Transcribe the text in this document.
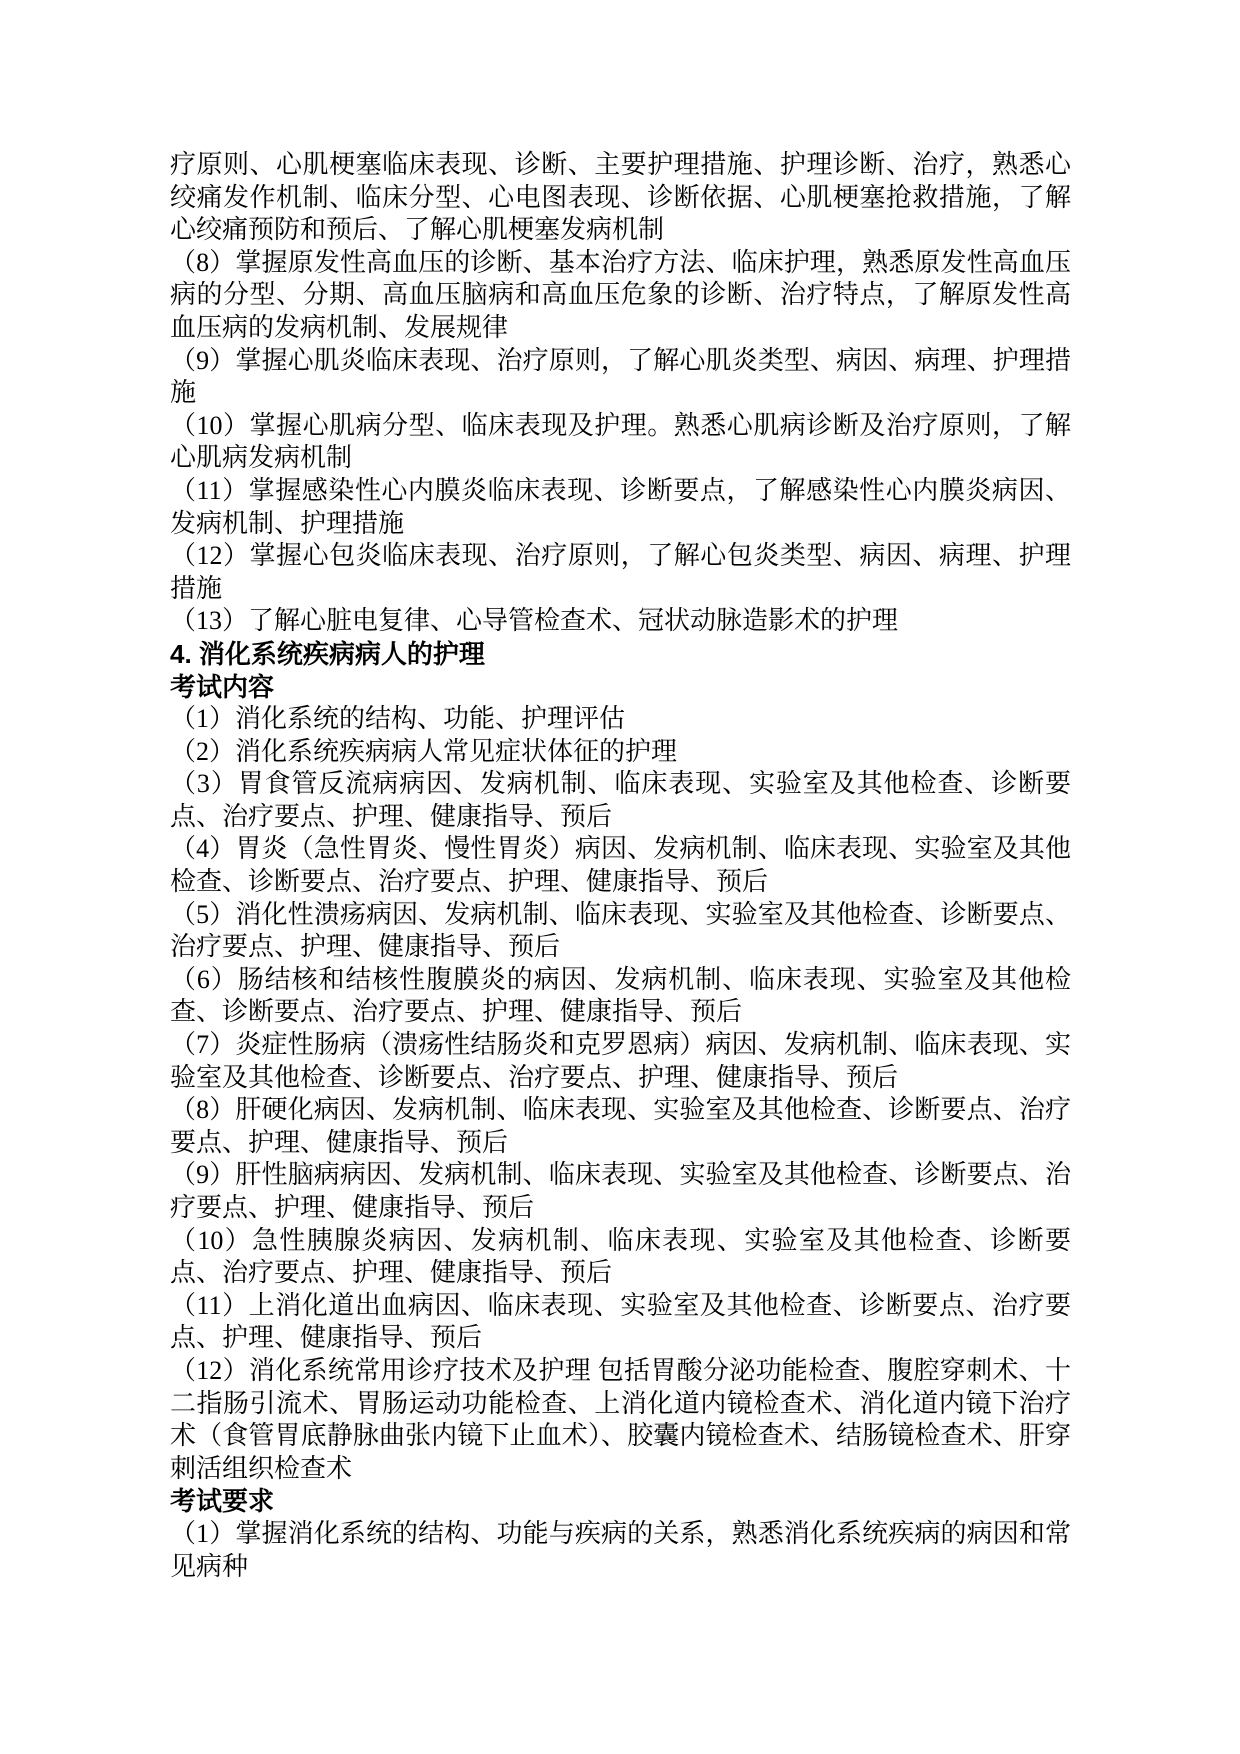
疗原则、心肌梗塞临床表现、诊断、主要护理措施、护理诊断、治疗，熟悉心绞痛发作机制、临床分型、心电图表现、诊断依据、心肌梗塞抢救措施，了解心绞痛预防和预后、了解心肌梗塞发病机制

（8）掌握原发性高血压的诊断、基本治疗方法、临床护理，熟悉原发性高血压病的分型、分期、高血压脑病和高血压危象的诊断、治疗特点，了解原发性高血压病的发病机制、发展规律

（9）掌握心肌炎临床表现、治疗原则，了解心肌炎类型、病因、病理、护理措施

（10）掌握心肌病分型、临床表现及护理。熟悉心肌病诊断及治疗原则，了解心肌病发病机制

（11）掌握感染性心内膜炎临床表现、诊断要点，了解感染性心内膜炎病因、发病机制、护理措施

（12）掌握心包炎临床表现、治疗原则，了解心包炎类型、病因、病理、护理措施

（13）了解心脏电复律、心导管检查术、冠状动脉造影术的护理

4. 消化系统疾病病人的护理

考试内容

（1）消化系统的结构、功能、护理评估

（2）消化系统疾病病人常见症状体征的护理

（3）胃食管反流病病因、发病机制、临床表现、实验室及其他检查、诊断要点、治疗要点、护理、健康指导、预后

（4）胃炎（急性胃炎、慢性胃炎）病因、发病机制、临床表现、实验室及其他检查、诊断要点、治疗要点、护理、健康指导、预后

（5）消化性溃疡病因、发病机制、临床表现、实验室及其他检查、诊断要点、治疗要点、护理、健康指导、预后

（6）肠结核和结核性腹膜炎的病因、发病机制、临床表现、实验室及其他检查、诊断要点、治疗要点、护理、健康指导、预后

（7）炎症性肠病（溃疡性结肠炎和克罗恩病）病因、发病机制、临床表现、实验室及其他检查、诊断要点、治疗要点、护理、健康指导、预后

（8）肝硬化病因、发病机制、临床表现、实验室及其他检查、诊断要点、治疗要点、护理、健康指导、预后

（9）肝性脑病病因、发病机制、临床表现、实验室及其他检查、诊断要点、治疗要点、护理、健康指导、预后

（10）急性胰腺炎病因、发病机制、临床表现、实验室及其他检查、诊断要点、治疗要点、护理、健康指导、预后

（11）上消化道出血病因、临床表现、实验室及其他检查、诊断要点、治疗要点、护理、健康指导、预后

（12）消化系统常用诊疗技术及护理 包括胃酸分泌功能检查、腹腔穿刺术、十二指肠引流术、胃肠运动功能检查、上消化道内镜检查术、消化道内镜下治疗术（食管胃底静脉曲张内镜下止血术）、胶囊内镜检查术、结肠镜检查术、肝穿刺活组织检查术

考试要求

（1）掌握消化系统的结构、功能与疾病的关系，熟悉消化系统疾病的病因和常见病种
